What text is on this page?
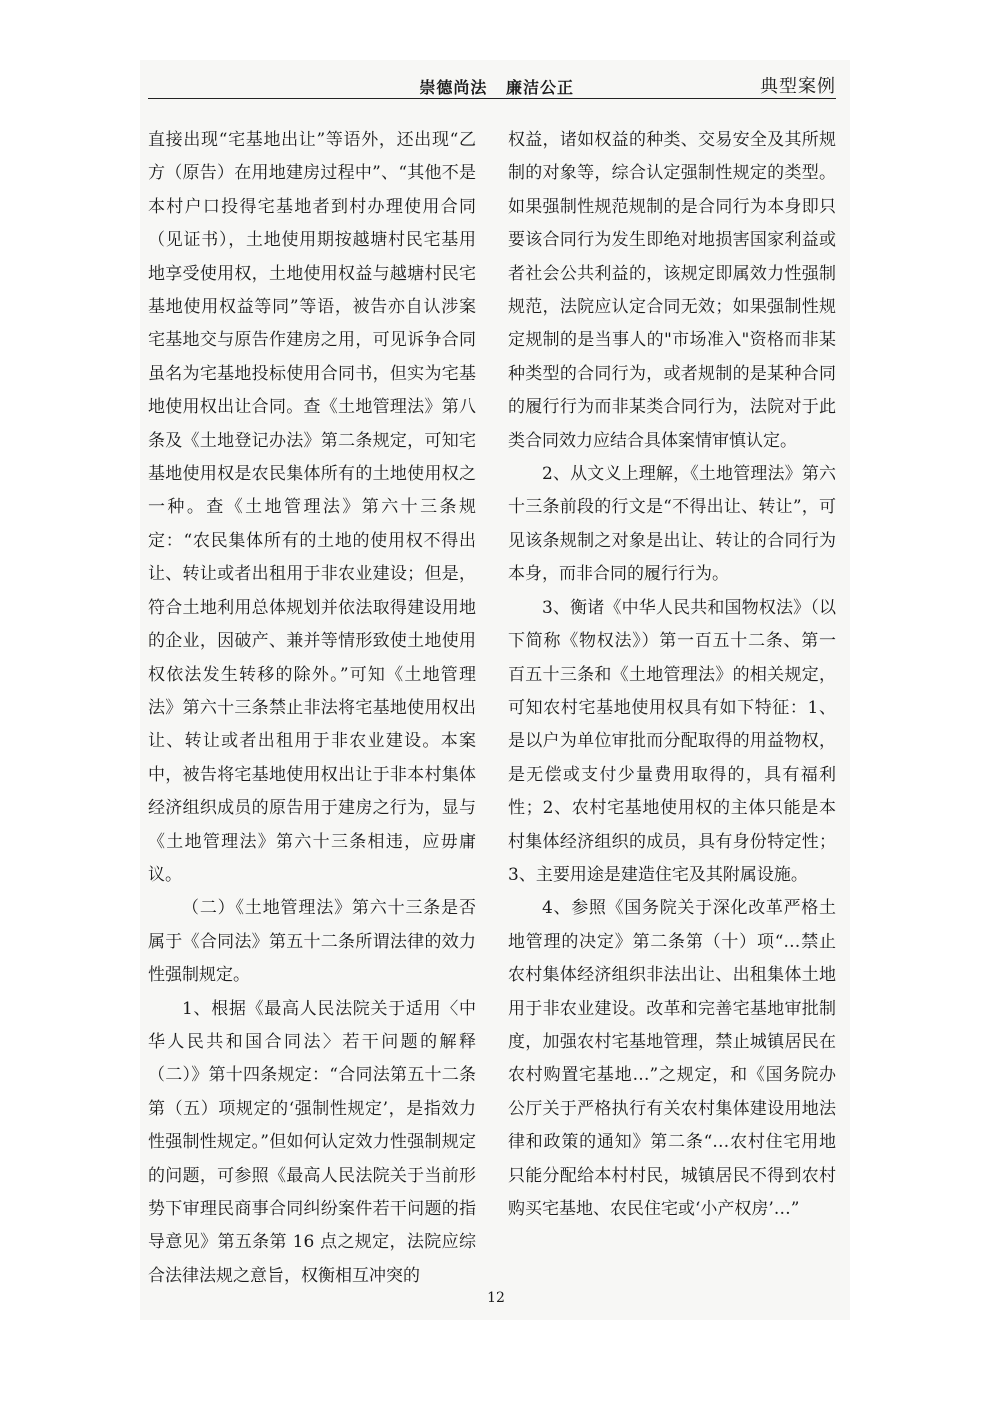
崇德尚法 廉洁公正	典型案例

直接出现“宅基地出让”等语外，还出现“乙方（原告）在用地建房过程中”、“其他不是本村户口投得宅基地者到村办理使用合同（见证书），土地使用期按越塘村民宅基用地享受使用权，土地使用权益与越塘村民宅基地使用权益等同”等语，被告亦自认涉案宅基地交与原告作建房之用，可见诉争合同虽名为宅基地投标使用合同书，但实为宅基地使用权出让合同。查《土地管理法》第八条及《土地登记办法》第二条规定，可知宅基地使用权是农民集体所有的土地使用权之一种。查《土地管理法》第六十三条规定：“农民集体所有的土地的使用权不得出让、转让或者出租用于非农业建设；但是，符合土地利用总体规划并依法取得建设用地的企业，因破产、兼并等情形致使土地使用权依法发生转移的除外。”可知《土地管理法》第六十三条禁止非法将宅基地使用权出让、转让或者出租用于非农业建设。本案中，被告将宅基地使用权出让于非本村集体经济组织成员的原告用于建房之行为，显与《土地管理法》第六十三条相违，应毋庸议。

（二）《土地管理法》第六十三条是否属于《合同法》第五十二条所谓法律的效力性强制规定。

1、根据《最高人民法院关于适用〈中华人民共和国合同法〉若干问题的解释（二）》第十四条规定：“合同法第五十二条第（五）项规定的‘强制性规定’，是指效力性强制性规定。”但如何认定效力性强制规定的问题，可参照《最高人民法院关于当前形势下审理民商事合同纠纷案件若干问题的指导意见》第五条第 16 点之规定，法院应综合法律法规之意旨，权衡相互冲突的

权益，诸如权益的种类、交易安全及其所规制的对象等，综合认定强制性规定的类型。如果强制性规范规制的是合同行为本身即只要该合同行为发生即绝对地损害国家利益或者社会公共利益的，该规定即属效力性强制规范，法院应认定合同无效；如果强制性规定规制的是当事人的"市场准入"资格而非某种类型的合同行为，或者规制的是某种合同的履行行为而非某类合同行为，法院对于此类合同效力应结合具体案情审慎认定。

2、从文义上理解，《土地管理法》第六十三条前段的行文是“不得出让、转让”，可见该条规制之对象是出让、转让的合同行为本身，而非合同的履行行为。

3、衡诸《中华人民共和国物权法》（以下简称《物权法》）第一百五十二条、第一百五十三条和《土地管理法》的相关规定，可知农村宅基地使用权具有如下特征：1、是以户为单位审批而分配取得的用益物权，是无偿或支付少量费用取得的，具有福利性；2、农村宅基地使用权的主体只能是本村集体经济组织的成员，具有身份特定性；3、主要用途是建造住宅及其附属设施。

4、参照《国务院关于深化改革严格土地管理的决定》第二条第（十）项“…禁止农村集体经济组织非法出让、出租集体土地用于非农业建设。改革和完善宅基地审批制度，加强农村宅基地管理，禁止城镇居民在农村购置宅基地…”之规定，和《国务院办公厅关于严格执行有关农村集体建设用地法律和政策的通知》第二条“…农村住宅用地只能分配给本村村民，城镇居民不得到农村购买宅基地、农民住宅或‘小产权房’…”

12
